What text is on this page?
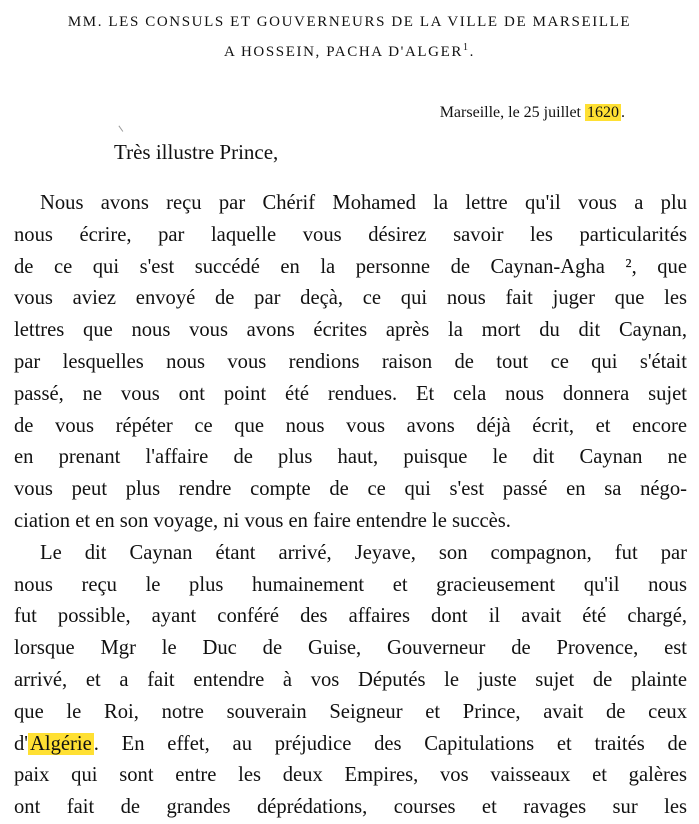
MM. LES CONSULS ET GOUVERNEURS DE LA VILLE DE MARSEILLE
A HOSSEIN, PACHA D'ALGER$^1$.
Marseille, le 25 juillet 1620 .
Très illustre Prince,
Nous avons reçu par Chérif Mohamed la lettre qu'il vous a plu
nous écrire, par laquelle vous désirez savoir les particularités
de ce qui s'est succédé en la personne de Caynan-Agha ², que
vous aviez envoyé de par deçà, ce qui nous fait juger que les
lettres que nous vous avons écrites après la mort du dit Caynan,
par lesquelles nous vous rendions raison de tout ce qui s'était
passé, ne vous ont point été rendues. Et cela nous donnera sujet
de vous répéter ce que nous vous avons déjà écrit, et encore
en prenant l'affaire de plus haut, puisque le dit Caynan ne
vous peut plus rendre compte de ce qui s'est passé en sa négo-
ciation et en son voyage, ni vous en faire entendre le succès.
Le dit Caynan étant arrivé, Jeyave, son compagnon, fut par
nous reçu le plus humainement et gracieusement qu'il nous
fut possible, ayant conféré des affaires dont il avait été chargé,
lorsque Mgr le Duc de Guise, Gouverneur de Provence, est
arrivé, et a fait entendre à vos Députés le juste sujet de plainte
que le Roi, notre souverain Seigneur et Prince, avait de ceux
d'Algérie. En effet, au préjudice des Capitulations et traités de
paix qui sont entre les deux Empires, vos vaisseaux et galères
ont fait de grandes déprédations, courses et ravages sur les
